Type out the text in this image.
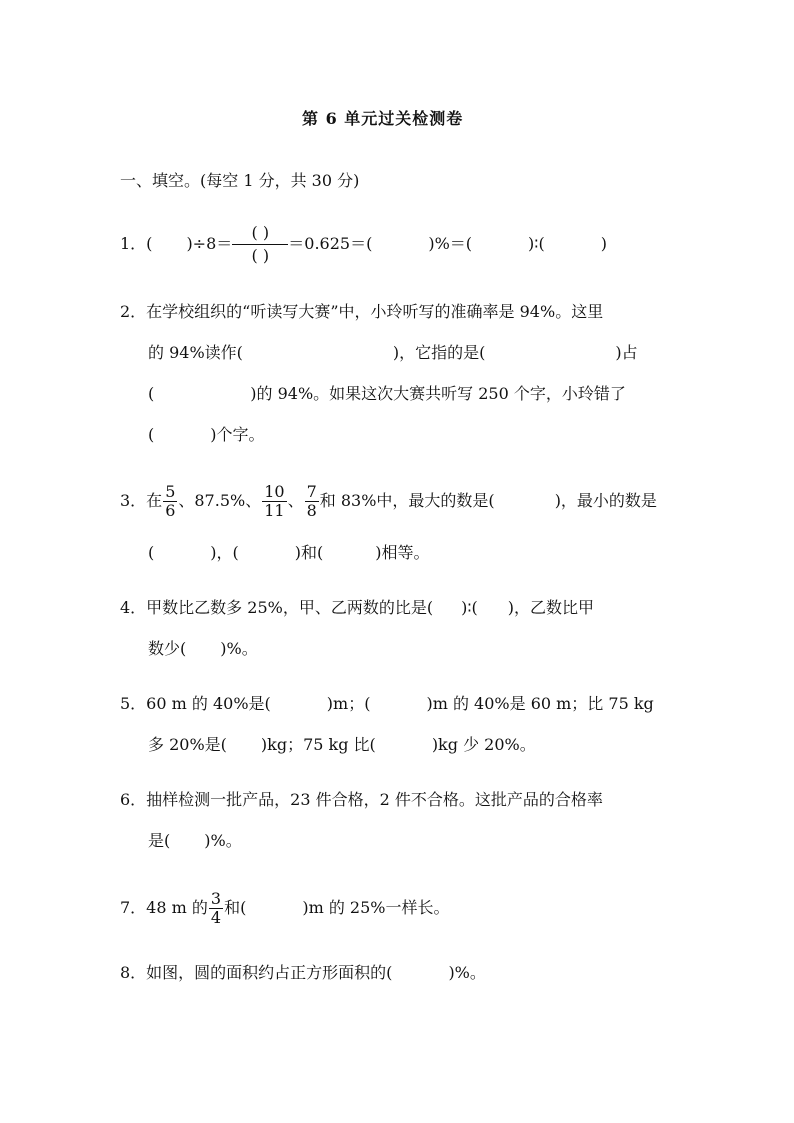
第 6 单元过关检测卷
一、填空。(每空 1 分，共 30 分)
1．( )$\div 8= \frac{( )}{( )} =0.625=$(	)%＝(	)∶(	)
2．在学校组织的“听读写大赛”中，小玲听写的准确率是 94%。这里
的 94%读作(	)，它指的是(	)占
(	)的 94%。如果这次大赛共听写 250 个字，小玲错了
(	)个字。
3．在 $\frac{5}{6}$ 、87.5%、 $\frac{10}{11}$ 、 $\frac{7}{8}$ 和 83%中，最大的数是(	)，最小的数是
(	)，(	)和(	)相等。
4．甲数比乙数多 25%，甲、乙两数的比是( )∶( )，乙数比甲
数少( )%。
5．60 m 的 40%是(	)m；(	)m 的 40%是 60 m；比 75 kg
多 20%是( )kg；75 kg 比(	)kg 少 20%。
6．抽样检测一批产品，23 件合格，2 件不合格。这批产品的合格率
是( )%。
7．48 m 的 $\frac{3}{4}$ 和(	)m 的 25%一样长。
8．如图，圆的面积约占正方形面积的(	)%。
